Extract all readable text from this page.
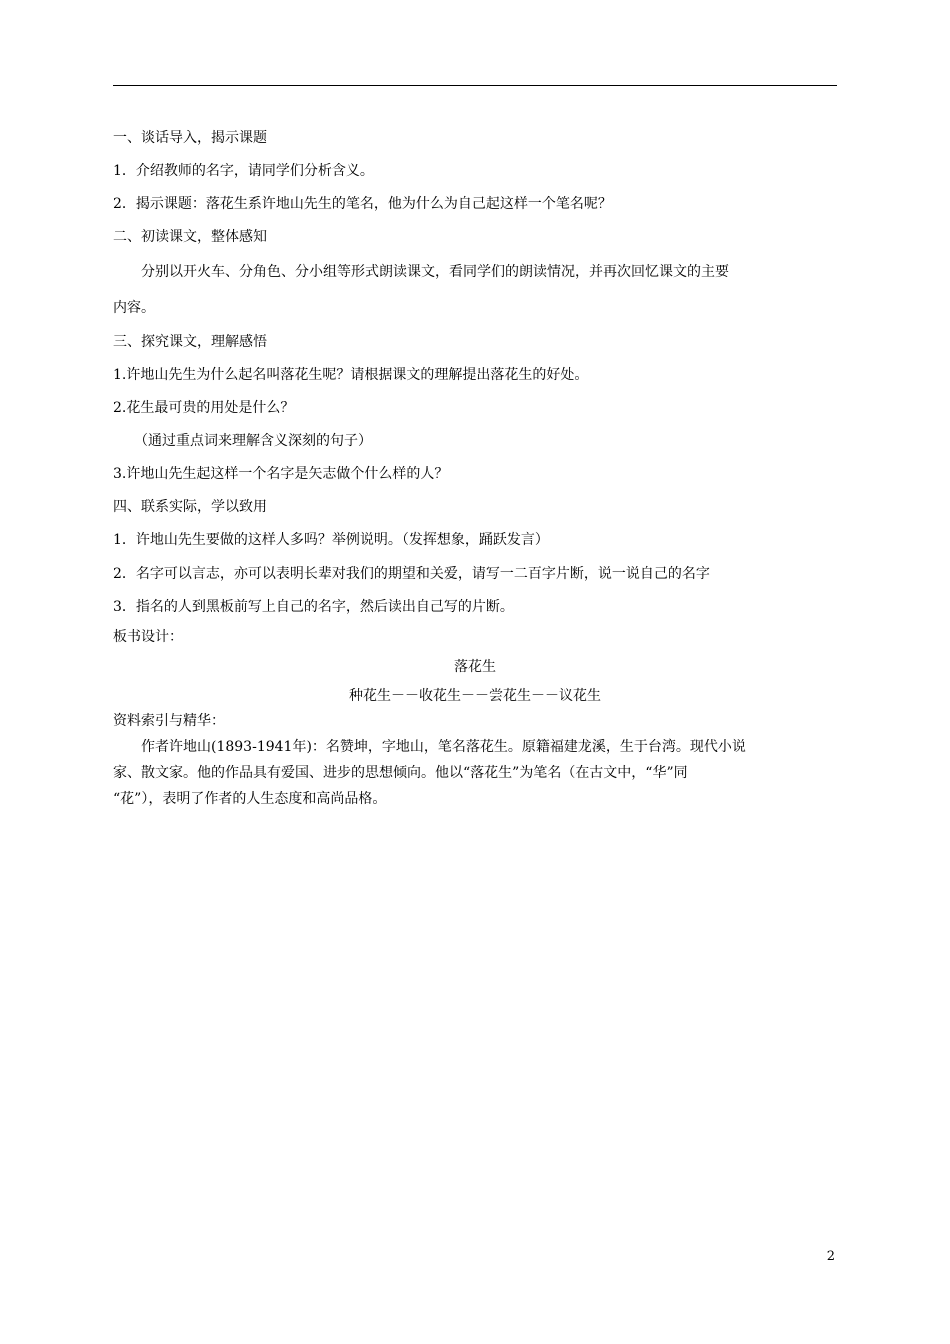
一、谈话导入，揭示课题
1．介绍教师的名字，请同学们分析含义。
2．揭示课题：落花生系许地山先生的笔名，他为什么为自己起这样一个笔名呢？
二、初读课文，整体感知
分别以开火车、分角色、分小组等形式朗读课文，看同学们的朗读情况，并再次回忆课文的主要
内容。
三、探究课文，理解感悟
1.许地山先生为什么起名叫落花生呢？请根据课文的理解提出落花生的好处。
2.花生最可贵的用处是什么？
（通过重点词来理解含义深刻的句子）
3.许地山先生起这样一个名字是矢志做个什么样的人？
四、联系实际，学以致用
1．许地山先生要做的这样人多吗？举例说明。（发挥想象，踊跃发言）
2．名字可以言志，亦可以表明长辈对我们的期望和关爱，请写一二百字片断，说一说自己的名字
3．指名的人到黑板前写上自己的名字，然后读出自己写的片断。
板书设计：
落花生
种花生－－收花生－－尝花生－－议花生
资料索引与精华：
作者许地山(1893-1941年)：名赞坤，字地山，笔名落花生。原籍福建龙溪，生于台湾。现代小说
家、散文家。他的作品具有爱国、进步的思想倾向。他以“落花生”为笔名（在古文中，“华”同
“花”），表明了作者的人生态度和高尚品格。
2
